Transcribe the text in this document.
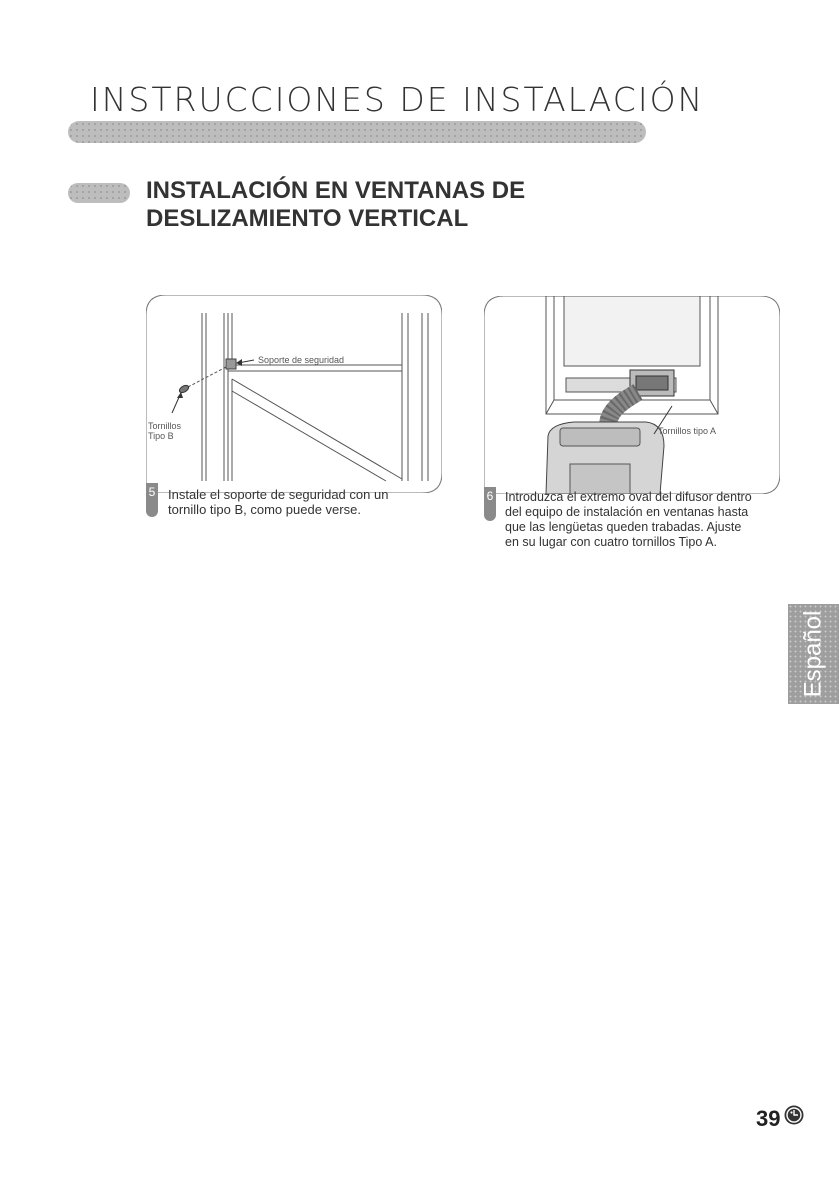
INSTRUCCIONES DE INSTALACIÓN
INSTALACIÓN EN VENTANAS DE
DESLIZAMIENTO VERTICAL
Soporte de seguridad
Tornillos
Tipo B
5 Instale el soporte de seguridad con un
tornillo tipo B, como puede verse.
Tornillos tipo A
6 Introduzca el extremo oval del difusor dentro
del equipo de instalación en ventanas hasta
que las lengüetas queden trabadas. Ajuste
en su lugar con cuatro tornillos Tipo A.
Español
39
